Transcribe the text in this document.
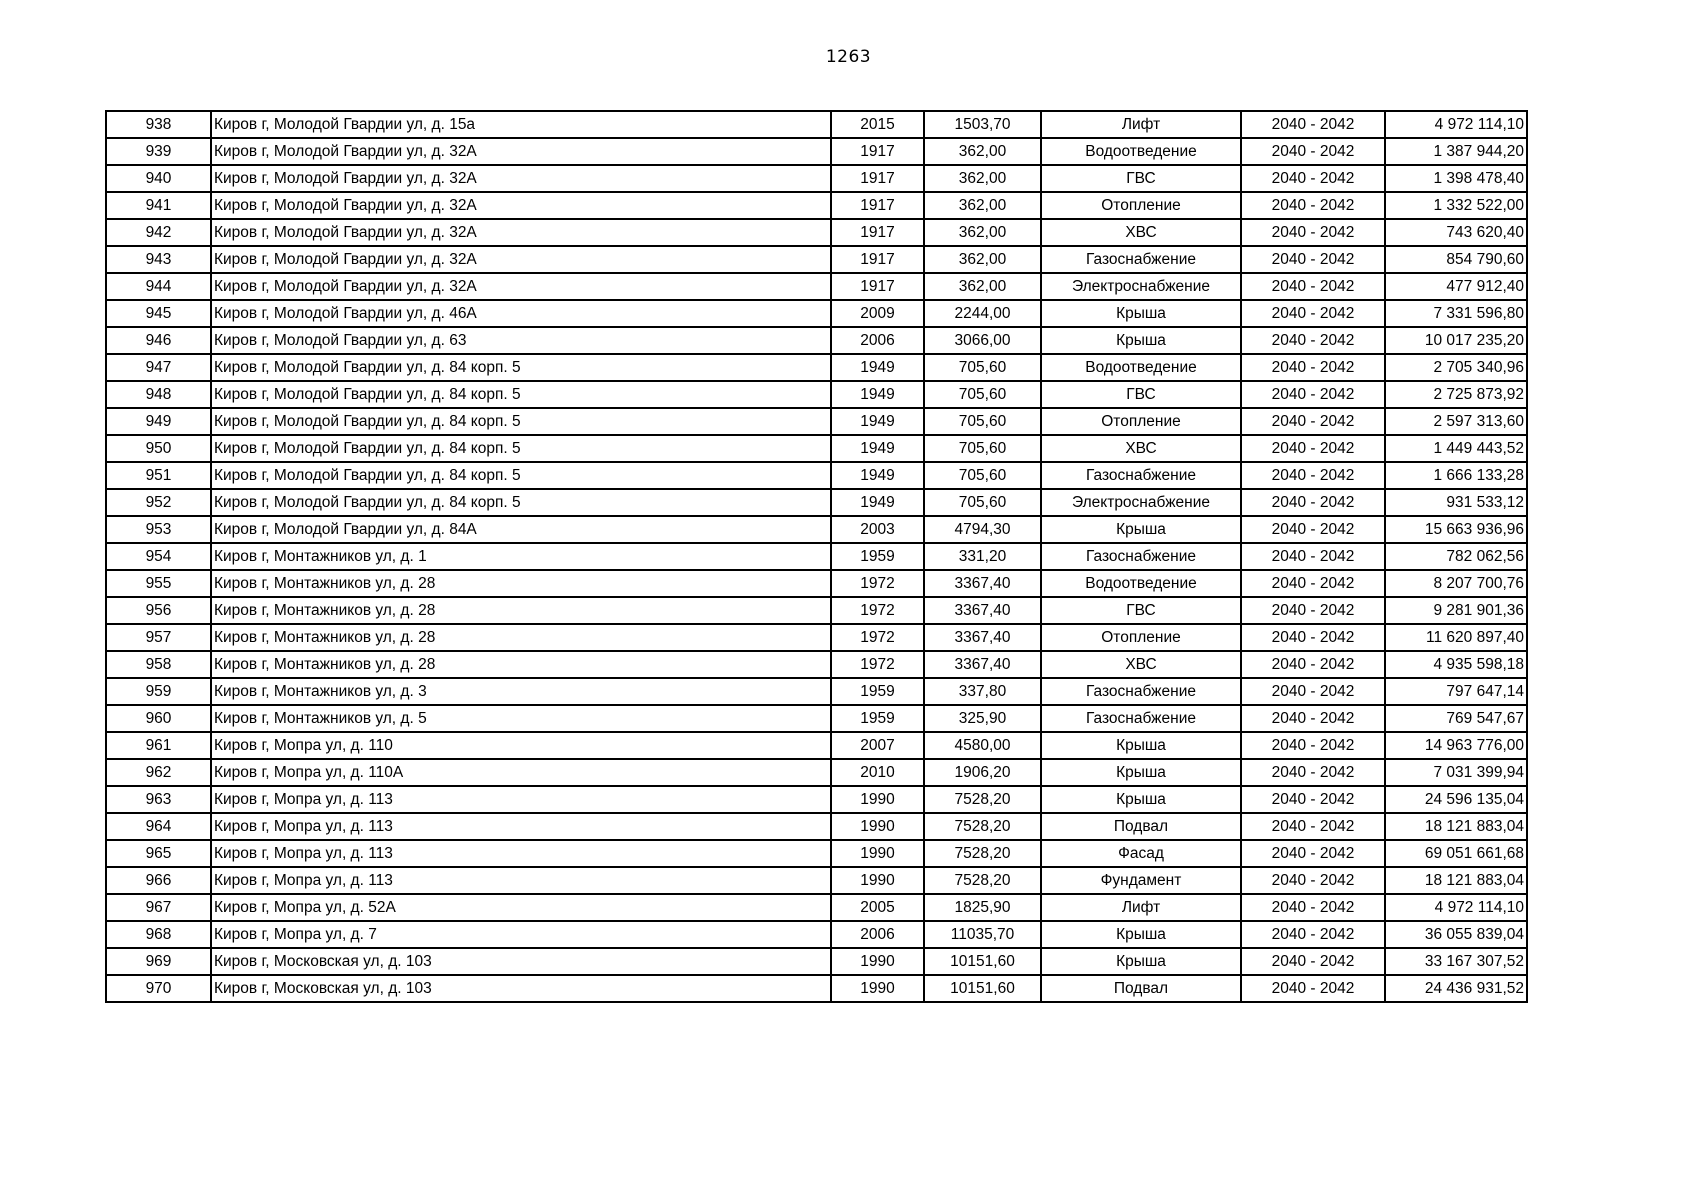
1263
938	Киров г, Молодой Гвардии ул, д. 15а	2015	1503,70	Лифт	2040 - 2042	4 972 114,10
939	Киров г, Молодой Гвардии ул, д. 32А	1917	362,00	Водоотведение	2040 - 2042	1 387 944,20
940	Киров г, Молодой Гвардии ул, д. 32А	1917	362,00	ГВС	2040 - 2042	1 398 478,40
941	Киров г, Молодой Гвардии ул, д. 32А	1917	362,00	Отопление	2040 - 2042	1 332 522,00
942	Киров г, Молодой Гвардии ул, д. 32А	1917	362,00	ХВС	2040 - 2042	743 620,40
943	Киров г, Молодой Гвардии ул, д. 32А	1917	362,00	Газоснабжение	2040 - 2042	854 790,60
944	Киров г, Молодой Гвардии ул, д. 32А	1917	362,00	Электроснабжение	2040 - 2042	477 912,40
945	Киров г, Молодой Гвардии ул, д. 46А	2009	2244,00	Крыша	2040 - 2042	7 331 596,80
946	Киров г, Молодой Гвардии ул, д. 63	2006	3066,00	Крыша	2040 - 2042	10 017 235,20
947	Киров г, Молодой Гвардии ул, д. 84 корп. 5	1949	705,60	Водоотведение	2040 - 2042	2 705 340,96
948	Киров г, Молодой Гвардии ул, д. 84 корп. 5	1949	705,60	ГВС	2040 - 2042	2 725 873,92
949	Киров г, Молодой Гвардии ул, д. 84 корп. 5	1949	705,60	Отопление	2040 - 2042	2 597 313,60
950	Киров г, Молодой Гвардии ул, д. 84 корп. 5	1949	705,60	ХВС	2040 - 2042	1 449 443,52
951	Киров г, Молодой Гвардии ул, д. 84 корп. 5	1949	705,60	Газоснабжение	2040 - 2042	1 666 133,28
952	Киров г, Молодой Гвардии ул, д. 84 корп. 5	1949	705,60	Электроснабжение	2040 - 2042	931 533,12
953	Киров г, Молодой Гвардии ул, д. 84А	2003	4794,30	Крыша	2040 - 2042	15 663 936,96
954	Киров г, Монтажников ул, д. 1	1959	331,20	Газоснабжение	2040 - 2042	782 062,56
955	Киров г, Монтажников ул, д. 28	1972	3367,40	Водоотведение	2040 - 2042	8 207 700,76
956	Киров г, Монтажников ул, д. 28	1972	3367,40	ГВС	2040 - 2042	9 281 901,36
957	Киров г, Монтажников ул, д. 28	1972	3367,40	Отопление	2040 - 2042	11 620 897,40
958	Киров г, Монтажников ул, д. 28	1972	3367,40	ХВС	2040 - 2042	4 935 598,18
959	Киров г, Монтажников ул, д. 3	1959	337,80	Газоснабжение	2040 - 2042	797 647,14
960	Киров г, Монтажников ул, д. 5	1959	325,90	Газоснабжение	2040 - 2042	769 547,67
961	Киров г, Мопра ул, д. 110	2007	4580,00	Крыша	2040 - 2042	14 963 776,00
962	Киров г, Мопра ул, д. 110А	2010	1906,20	Крыша	2040 - 2042	7 031 399,94
963	Киров г, Мопра ул, д. 113	1990	7528,20	Крыша	2040 - 2042	24 596 135,04
964	Киров г, Мопра ул, д. 113	1990	7528,20	Подвал	2040 - 2042	18 121 883,04
965	Киров г, Мопра ул, д. 113	1990	7528,20	Фасад	2040 - 2042	69 051 661,68
966	Киров г, Мопра ул, д. 113	1990	7528,20	Фундамент	2040 - 2042	18 121 883,04
967	Киров г, Мопра ул, д. 52А	2005	1825,90	Лифт	2040 - 2042	4 972 114,10
968	Киров г, Мопра ул, д. 7	2006	11035,70	Крыша	2040 - 2042	36 055 839,04
969	Киров г, Московская ул, д. 103	1990	10151,60	Крыша	2040 - 2042	33 167 307,52
970	Киров г, Московская ул, д. 103	1990	10151,60	Подвал	2040 - 2042	24 436 931,52
